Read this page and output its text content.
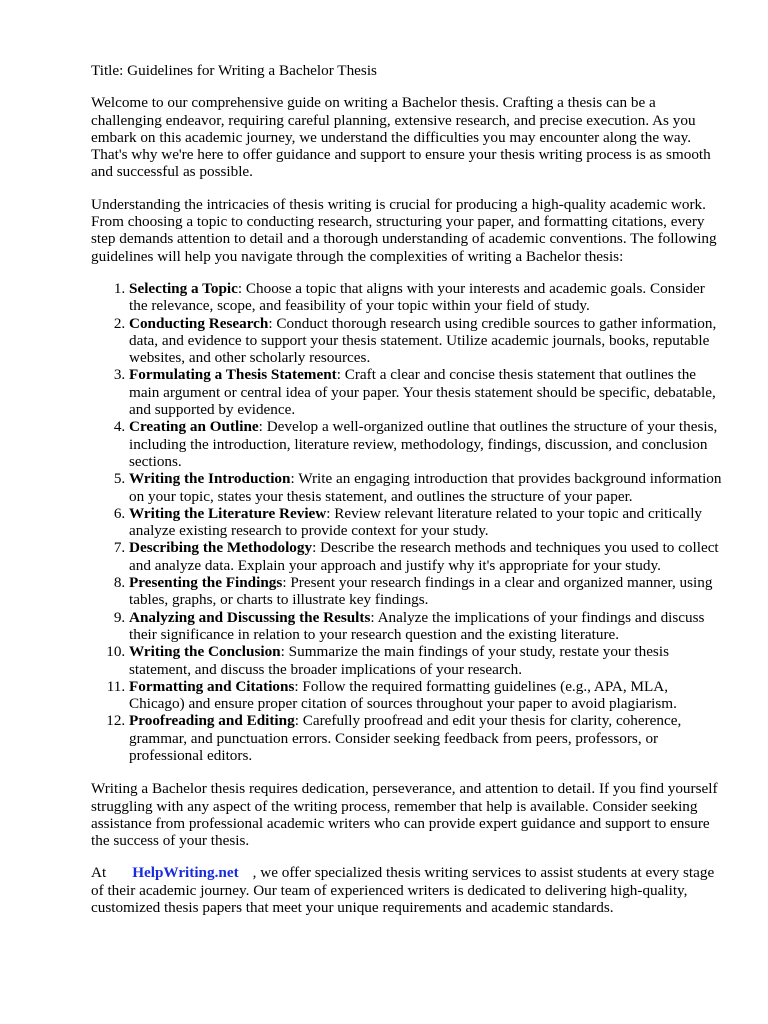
Title: Guidelines for Writing a Bachelor Thesis

Welcome to our comprehensive guide on writing a Bachelor thesis. Crafting a thesis can be a challenging endeavor, requiring careful planning, extensive research, and precise execution. As you embark on this academic journey, we understand the difficulties you may encounter along the way. That's why we're here to offer guidance and support to ensure your thesis writing process is as smooth and successful as possible.

Understanding the intricacies of thesis writing is crucial for producing a high-quality academic work. From choosing a topic to conducting research, structuring your paper, and formatting citations, every step demands attention to detail and a thorough understanding of academic conventions. The following guidelines will help you navigate through the complexities of writing a Bachelor thesis:

1. Selecting a Topic: Choose a topic that aligns with your interests and academic goals. Consider the relevance, scope, and feasibility of your topic within your field of study.
2. Conducting Research: Conduct thorough research using credible sources to gather information, data, and evidence to support your thesis statement. Utilize academic journals, books, reputable websites, and other scholarly resources.
3. Formulating a Thesis Statement: Craft a clear and concise thesis statement that outlines the main argument or central idea of your paper. Your thesis statement should be specific, debatable, and supported by evidence.
4. Creating an Outline: Develop a well-organized outline that outlines the structure of your thesis, including the introduction, literature review, methodology, findings, discussion, and conclusion sections.
5. Writing the Introduction: Write an engaging introduction that provides background information on your topic, states your thesis statement, and outlines the structure of your paper.
6. Writing the Literature Review: Review relevant literature related to your topic and critically analyze existing research to provide context for your study.
7. Describing the Methodology: Describe the research methods and techniques you used to collect and analyze data. Explain your approach and justify why it's appropriate for your study.
8. Presenting the Findings: Present your research findings in a clear and organized manner, using tables, graphs, or charts to illustrate key findings.
9. Analyzing and Discussing the Results: Analyze the implications of your findings and discuss their significance in relation to your research question and the existing literature.
10. Writing the Conclusion: Summarize the main findings of your study, restate your thesis statement, and discuss the broader implications of your research.
11. Formatting and Citations: Follow the required formatting guidelines (e.g., APA, MLA, Chicago) and ensure proper citation of sources throughout your paper to avoid plagiarism.
12. Proofreading and Editing: Carefully proofread and edit your thesis for clarity, coherence, grammar, and punctuation errors. Consider seeking feedback from peers, professors, or professional editors.

Writing a Bachelor thesis requires dedication, perseverance, and attention to detail. If you find yourself struggling with any aspect of the writing process, remember that help is available. Consider seeking assistance from professional academic writers who can provide expert guidance and support to ensure the success of your thesis.

At HelpWriting.net , we offer specialized thesis writing services to assist students at every stage of their academic journey. Our team of experienced writers is dedicated to delivering high-quality, customized thesis papers that meet your unique requirements and academic standards.
